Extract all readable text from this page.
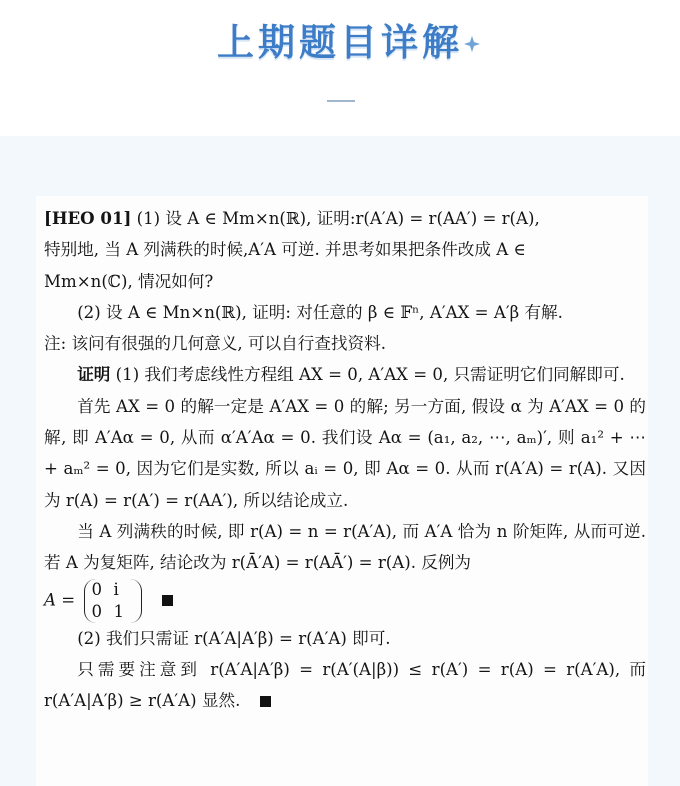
上期题目详解

[HEO 01] (1) 设 A ∈ Mm×n(ℝ), 证明:r(A′A) = r(AA′) = r(A),

特别地, 当 A 列满秩的时候,A′A 可逆. 并思考如果把条件改成 A ∈

Mm×n(ℂ), 情况如何?

(2) 设 A ∈ Mn×n(ℝ), 证明: 对任意的 β ∈ 𝔽ⁿ, A′AX = A′β 有解.

注: 该问有很强的几何意义, 可以自行查找资料.

证明 (1) 我们考虑线性方程组 AX = 0, A′AX = 0, 只需证明它们同解即可.

首先 AX = 0 的解一定是 A′AX = 0 的解; 另一方面, 假设 α 为 A′AX = 0 的解, 即 A′Aα = 0, 从而 α′A′Aα = 0. 我们设 Aα = (a₁, a₂, ⋯, aₘ)′, 则 a₁² + ⋯ + aₘ² = 0, 因为它们是实数, 所以 aᵢ = 0, 即 Aα = 0. 从而 r(A′A) = r(A). 又因为 r(A) = r(A′) = r(AA′), 所以结论成立.

当 A 列满秩的时候, 即 r(A) = n = r(A′A), 而 A′A 恰为 n 阶矩阵, 从而可逆. 若 A 为复矩阵, 结论改为 r(Ā′A) = r(AĀ′) = r(A). 反例为

A = 0 i
0 1

(2) 我们只需证 r(A′A|A′β) = r(A′A) 即可.

只需要注意到 r(A′A|A′β) = r(A′(A|β)) ≤ r(A′) = r(A) = r(A′A), 而 r(A′A|A′β) ≥ r(A′A) 显然.
